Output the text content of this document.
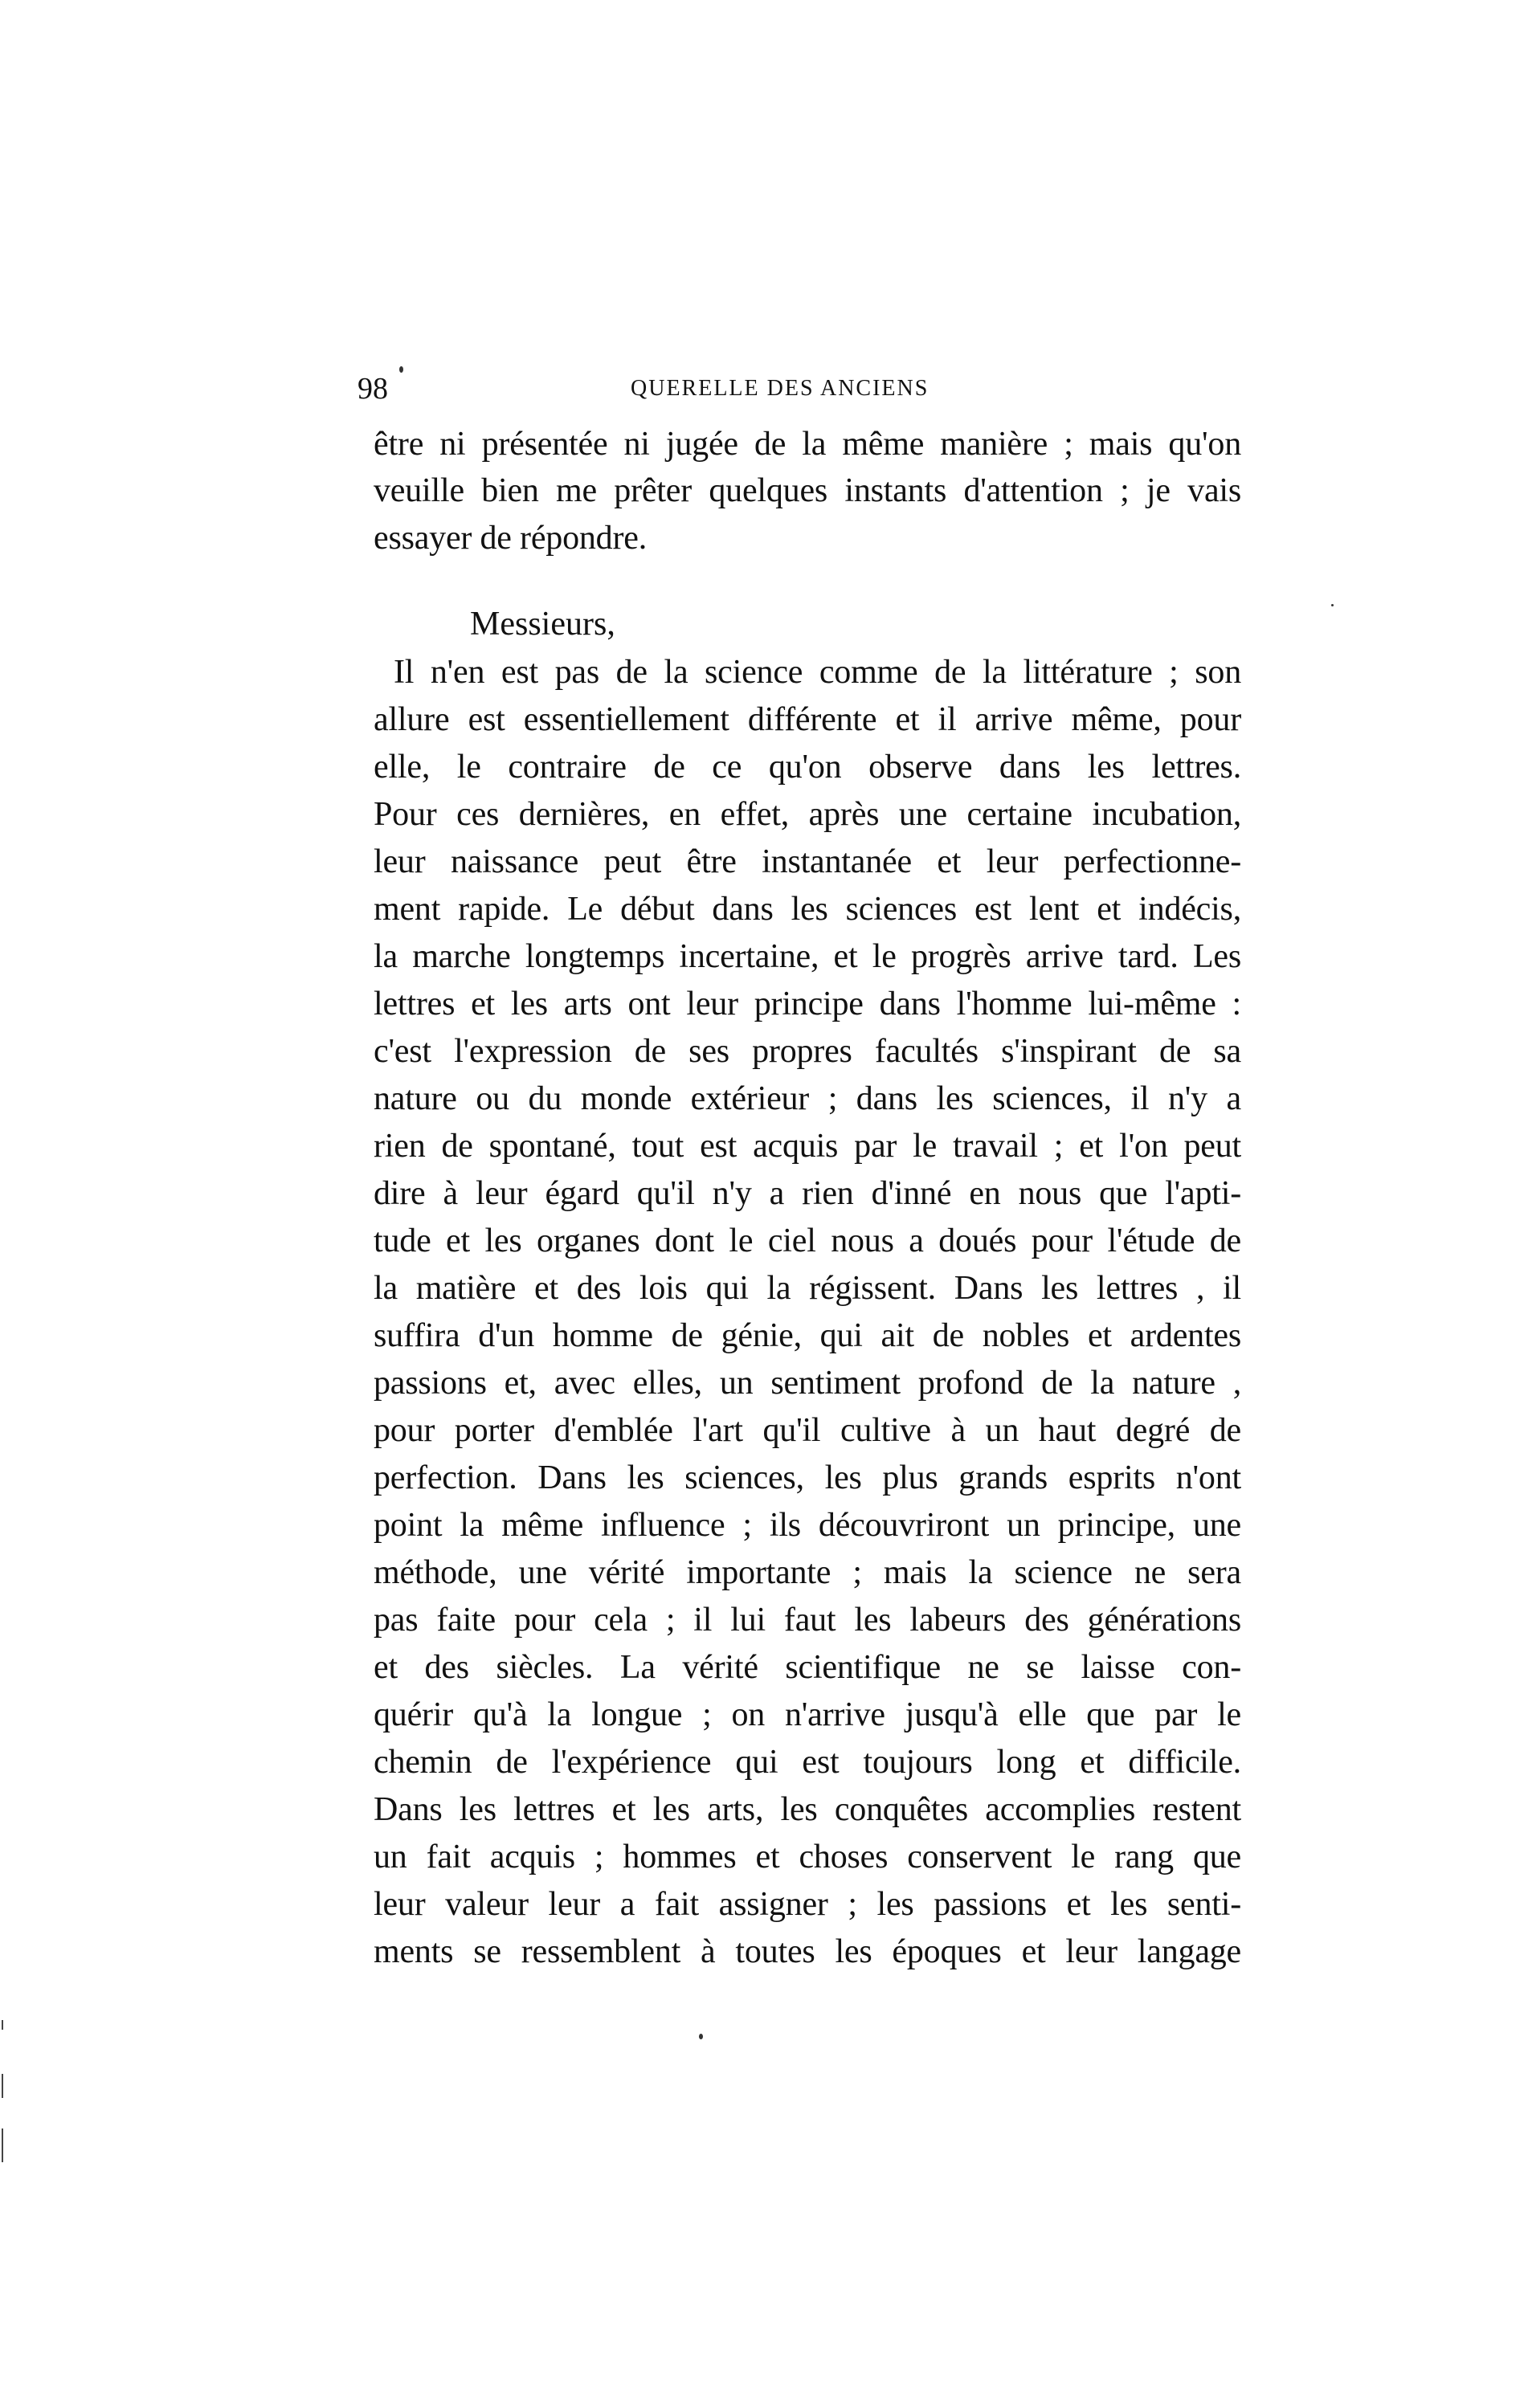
98	QUERELLE DES ANCIENS
être ni présentée ni jugée de la même manière ; mais qu'on
veuille bien me prêter quelques instants d'attention ; je vais
essayer de répondre.
Messieurs,
Il n'en est pas de la science comme de la littérature ; son
allure est essentiellement différente et il arrive même, pour
elle, le contraire de ce qu'on observe dans les lettres.
Pour ces dernières, en effet, après une certaine incubation,
leur naissance peut être instantanée et leur perfectionne-
ment rapide. Le début dans les sciences est lent et indécis,
la marche longtemps incertaine, et le progrès arrive tard. Les
lettres et les arts ont leur principe dans l'homme lui-même :
c'est l'expression de ses propres facultés s'inspirant de sa
nature ou du monde extérieur ; dans les sciences, il n'y a
rien de spontané, tout est acquis par le travail ; et l'on peut
dire à leur égard qu'il n'y a rien d'inné en nous que l'apti-
tude et les organes dont le ciel nous a doués pour l'étude de
la matière et des lois qui la régissent. Dans les lettres , il
suffira d'un homme de génie, qui ait de nobles et ardentes
passions et, avec elles, un sentiment profond de la nature ,
pour porter d'emblée l'art qu'il cultive à un haut degré de
perfection. Dans les sciences, les plus grands esprits n'ont
point la même influence ; ils découvriront un principe, une
méthode, une vérité importante ; mais la science ne sera
pas faite pour cela ; il lui faut les labeurs des générations
et des siècles. La vérité scientifique ne se laisse con-
quérir qu'à la longue ; on n'arrive jusqu'à elle que par le
chemin de l'expérience qui est toujours long et difficile.
Dans les lettres et les arts, les conquêtes accomplies restent
un fait acquis ; hommes et choses conservent le rang que
leur valeur leur a fait assigner ; les passions et les senti-
ments se ressemblent à toutes les époques et leur langage
